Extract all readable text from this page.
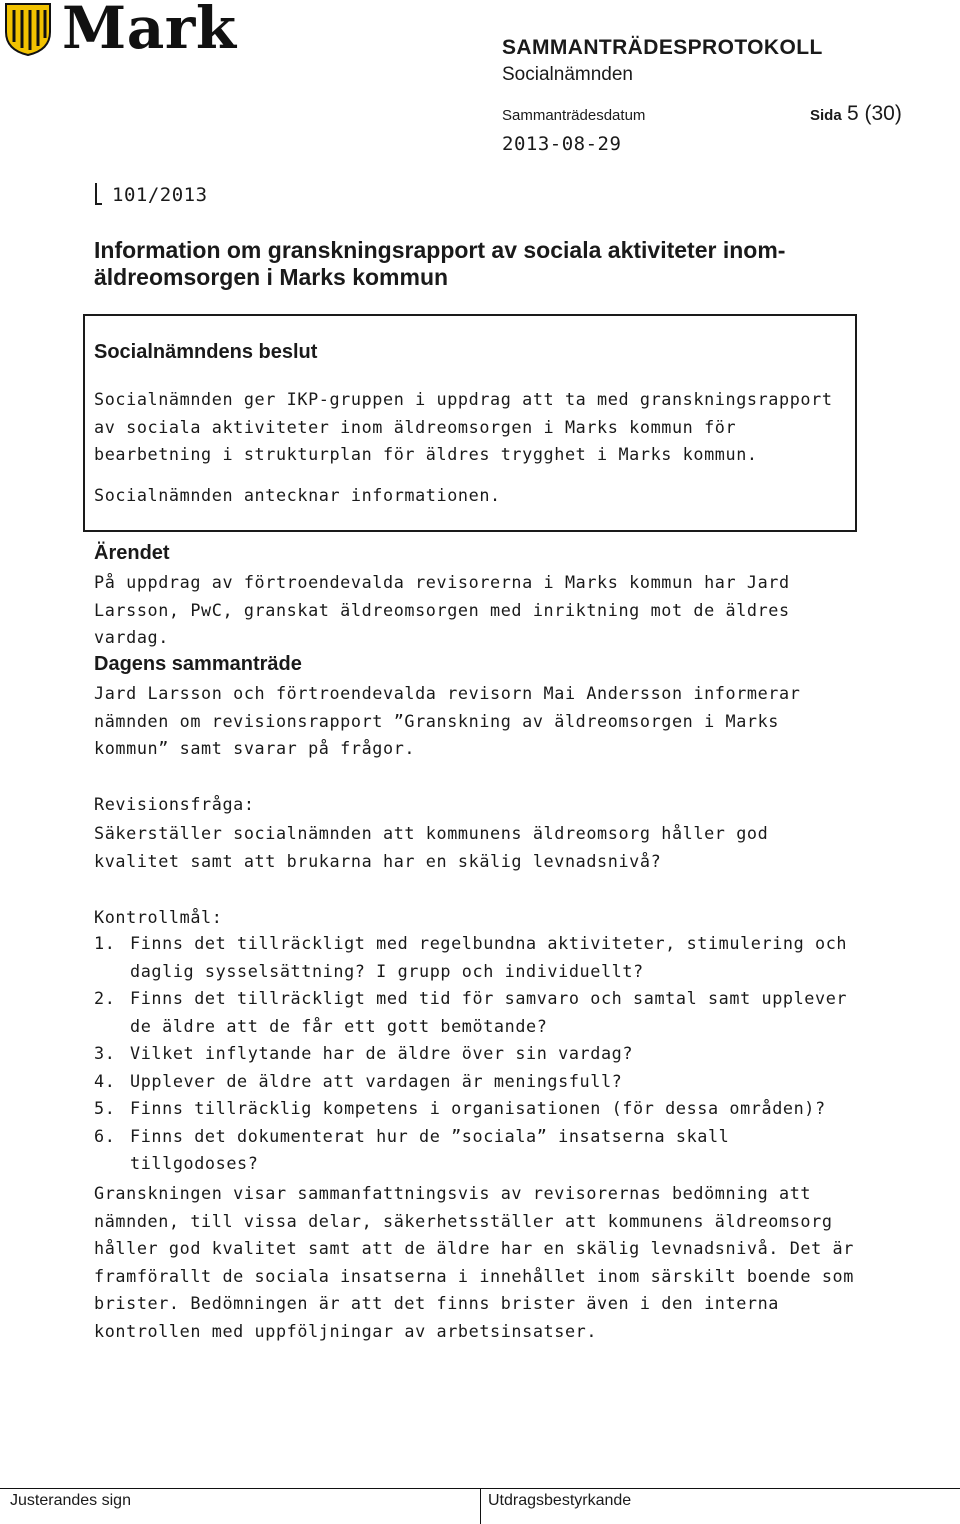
Mark	SAMMANTRÄDESPROTOKOLL
Socialnämnden
Sammanträdesdatum	Sida 5 (30)
2013-08-29
101/2013
Information om granskningsrapport av sociala aktiviteter inom-äldreomsorgen i Marks kommun
Socialnämndens beslut
Socialnämnden ger IKP-gruppen i uppdrag att ta med granskningsrapport av sociala aktiviteter inom äldreomsorgen i Marks kommun för bearbetning i strukturplan för äldres trygghet i Marks kommun.
Socialnämnden antecknar informationen.
Ärendet
På uppdrag av förtroendevalda revisorerna i Marks kommun har Jard Larsson, PwC, granskat äldreomsorgen med inriktning mot de äldres vardag.
Dagens sammanträde
Jard Larsson och förtroendevalda revisorn Mai Andersson informerar nämnden om revisionsrapport ”Granskning av äldreomsorgen i Marks kommun” samt svarar på frågor.
Revisionsfråga:
Säkerställer socialnämnden att kommunens äldreomsorg håller god kvalitet samt att brukarna har en skälig levnadsnivå?
Kontrollmål:
1. Finns det tillräckligt med regelbundna aktiviteter, stimulering och daglig sysselsättning? I grupp och individuellt?
2. Finns det tillräckligt med tid för samvaro och samtal samt upplever de äldre att de får ett gott bemötande?
3. Vilket inflytande har de äldre över sin vardag?
4. Upplever de äldre att vardagen är meningsfull?
5. Finns tillräcklig kompetens i organisationen (för dessa områden)?
6. Finns det dokumenterat hur de ”sociala” insatserna skall tillgodoses?
Granskningen visar sammanfattningsvis av revisorernas bedömning att nämnden, till vissa delar, säkerhetsställer att kommunens äldreomsorg håller god kvalitet samt att de äldre har en skälig levnadsnivå. Det är framförallt de sociala insatserna i innehållet inom särskilt boende som brister. Bedömningen är att det finns brister även i den interna kontrollen med uppföljningar av arbetsinsatser.
Justerandes sign	Utdragsbestyrkande
